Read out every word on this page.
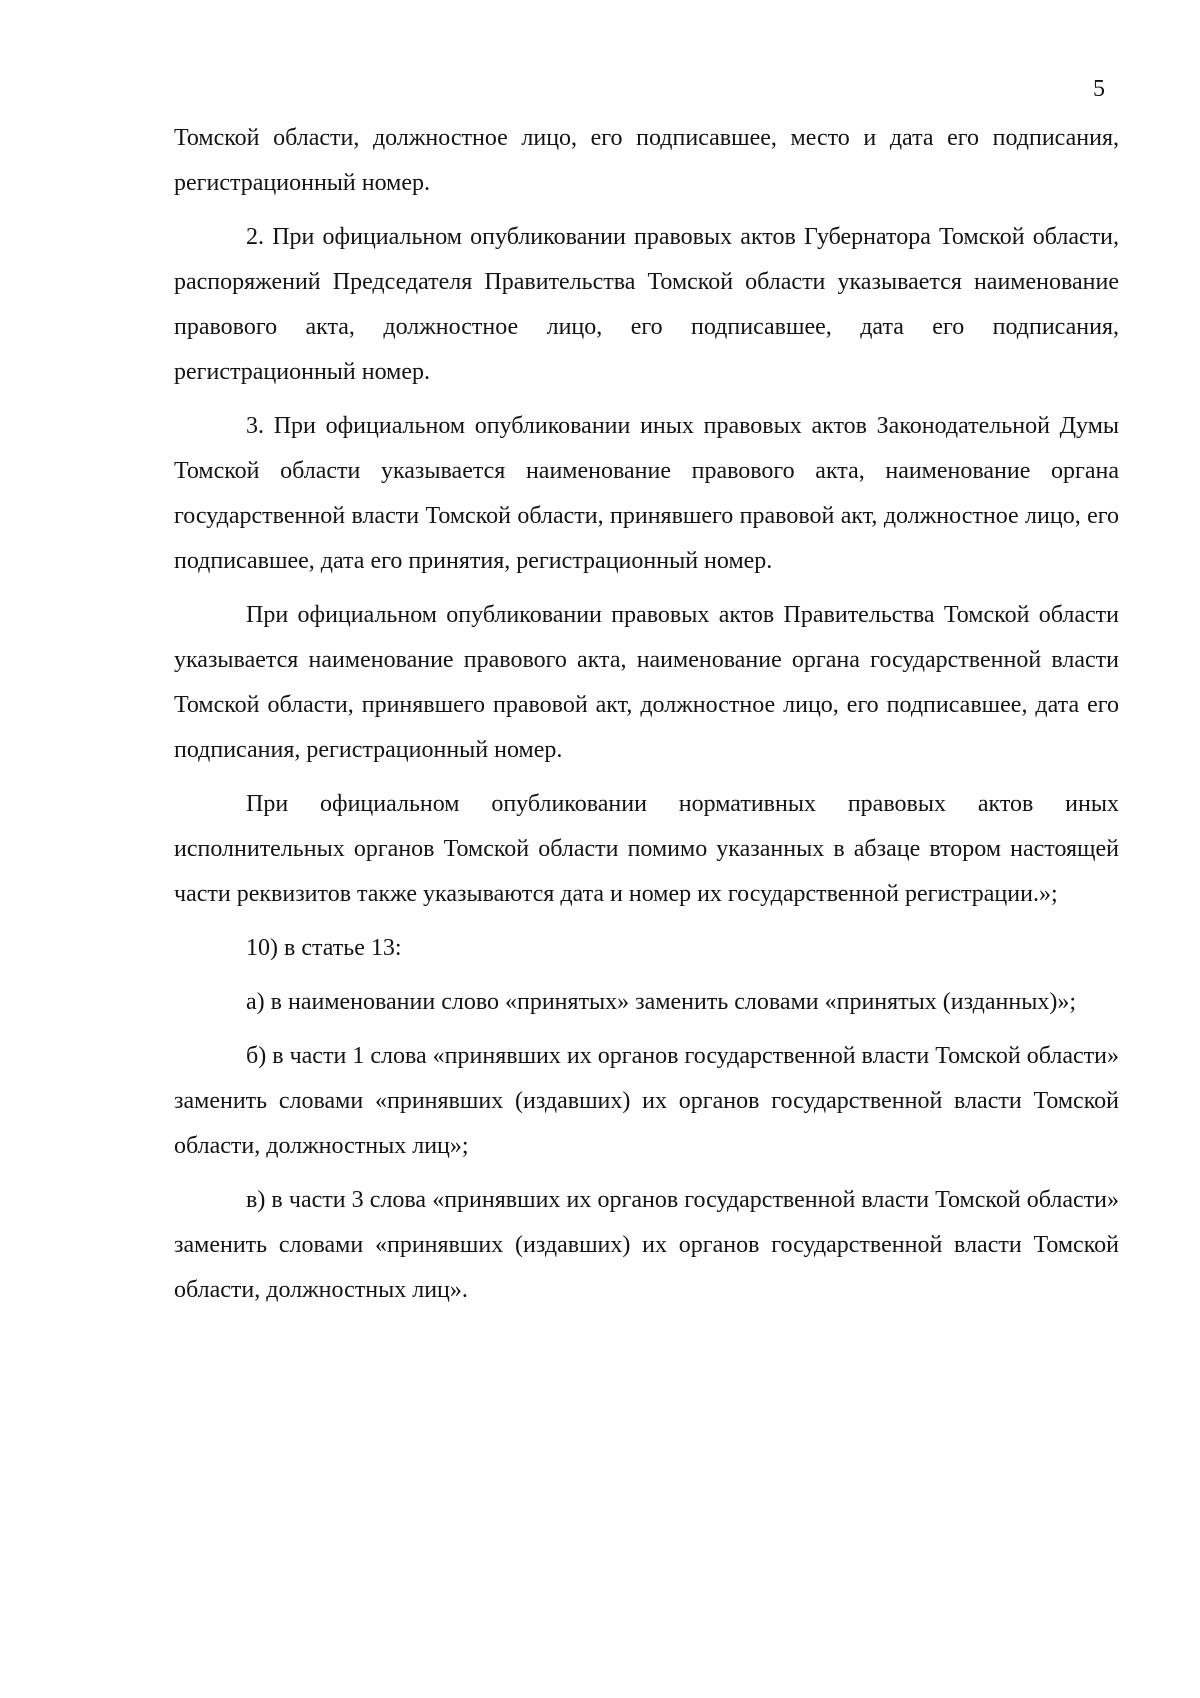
5

Томской области, должностное лицо, его подписавшее, место и дата его подписания, регистрационный номер.

2. При официальном опубликовании правовых актов Губернатора Томской области, распоряжений Председателя Правительства Томской области указывается наименование правового акта, должностное лицо, его подписавшее, дата его подписания, регистрационный номер.

3. При официальном опубликовании иных правовых актов Законодательной Думы Томской области указывается наименование правового акта, наименование органа государственной власти Томской области, принявшего правовой акт, должностное лицо, его подписавшее, дата его принятия, регистрационный номер.

При официальном опубликовании правовых актов Правительства Томской области указывается наименование правового акта, наименование органа государственной власти Томской области, принявшего правовой акт, должностное лицо, его подписавшее, дата его подписания, регистрационный номер.

При официальном опубликовании нормативных правовых актов иных исполнительных органов Томской области помимо указанных в абзаце втором настоящей части реквизитов также указываются дата и номер их государственной регистрации.»;

10) в статье 13:

а) в наименовании слово «принятых» заменить словами «принятых (изданных)»;

б) в части 1 слова «принявших их органов государственной власти Томской области» заменить словами «принявших (издавших) их органов государственной власти Томской области, должностных лиц»;

в) в части 3 слова «принявших их органов государственной власти Томской области» заменить словами «принявших (издавших) их органов государственной власти Томской области, должностных лиц».
